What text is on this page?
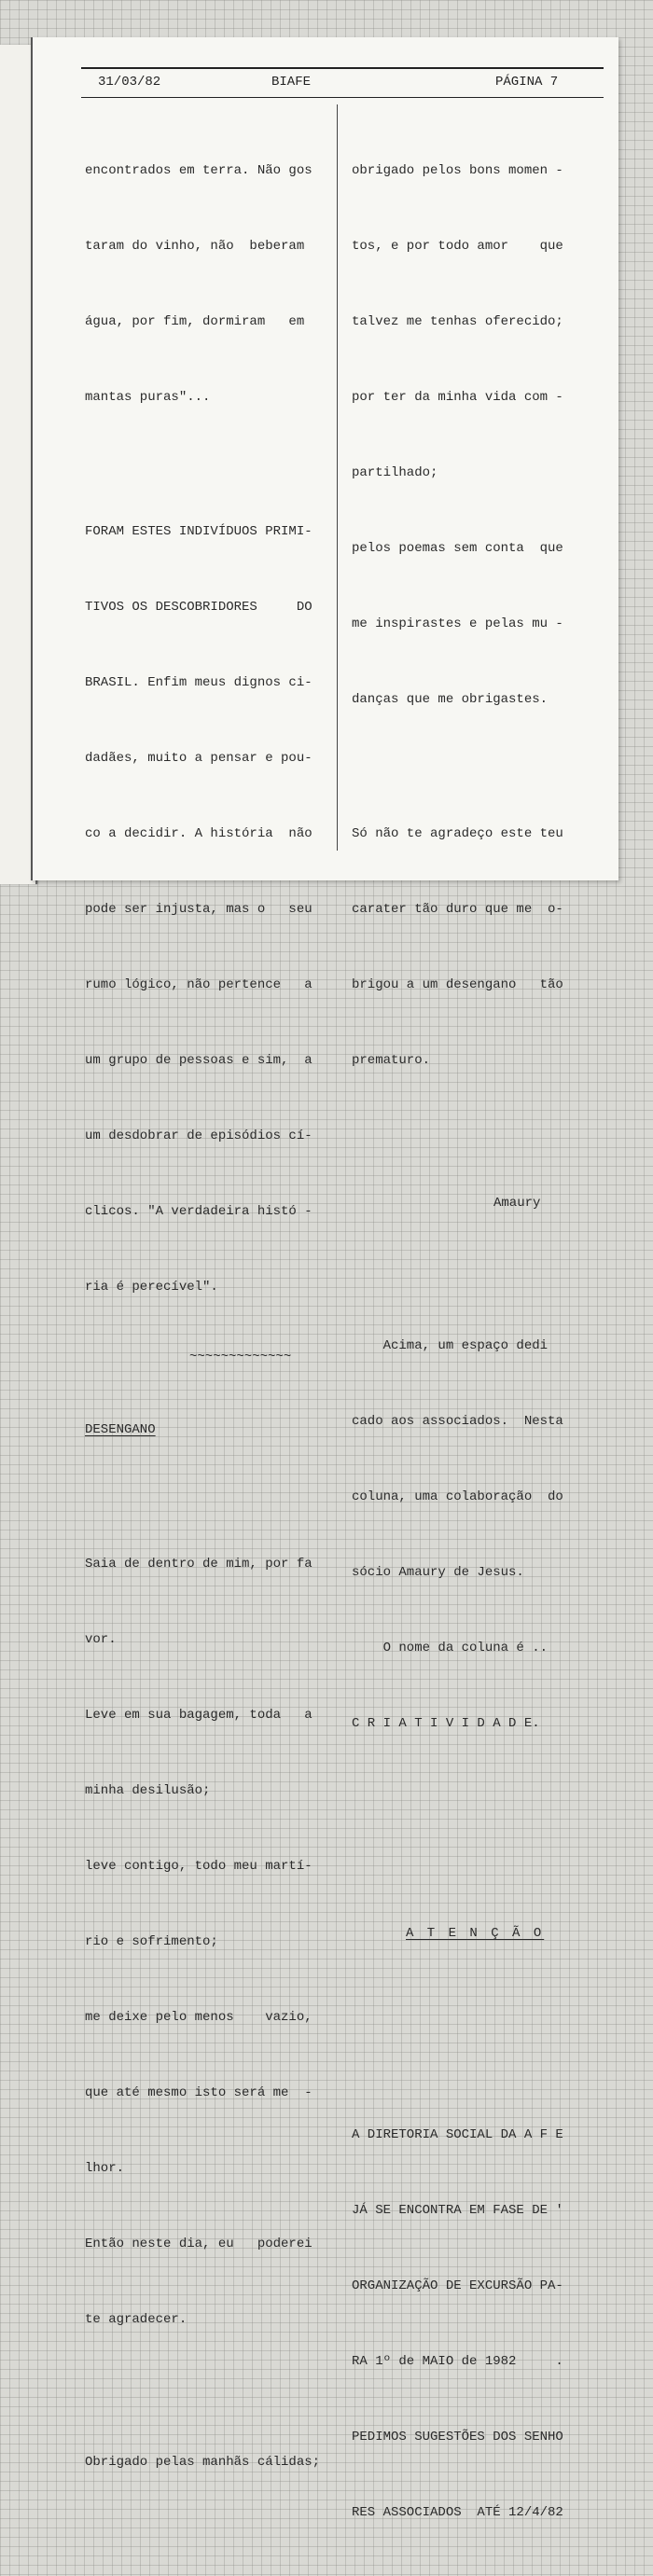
31/03/82	BIAFE	PÁGINA 7

encontrados em terra. Não gos

taram do vinho, não  beberam

água, por fim, dormiram   em

mantas puras"...

FORAM ESTES INDIVÍDUOS PRIMI-

TIVOS OS DESCOBRIDORES     DO

BRASIL. Enfim meus dignos ci-

dadães, muito a pensar e pou-

co a decidir. A história  não

pode ser injusta, mas o   seu

rumo lógico, não pertence   a

um grupo de pessoas e sim,  a

um desdobrar de episódios cí-

clicos. "A verdadeira histó -

ria é perecível".

~~~~~~~~~~~~~

DESENGANO

Saia de dentro de mim, por fa

vor.

Leve em sua bagagem, toda   a

minha desilusão;

leve contigo, todo meu martí-

rio e sofrimento;

me deixe pelo menos    vazio,

que até mesmo isto será me  -

lhor.

Então neste dia, eu   poderei

te agradecer.

Obrigado pelas manhãs cálidas;

obrigado pelos bons momen -

tos, e por todo amor    que

talvez me tenhas oferecido;

por ter da minha vida com -

partilhado;

pelos poemas sem conta  que

me inspirastes e pelas mu -

danças que me obrigastes.

Só não te agradeço este teu

carater tão duro que me  o-

brigou a um desengano   tão

prematuro.

Amaury

Acima, um espaço dedi

cado aos associados.  Nesta

coluna, uma colaboração  do

sócio Amaury de Jesus.

O nome da coluna é ..

C R I A T I V I D A D E.

A T E N Ç Ã O

A DIRETORIA SOCIAL DA A F E

JÁ SE ENCONTRA EM FASE DE '

ORGANIZAÇÃO DE EXCURSÃO PA-

RA 1º de MAIO de 1982     .

PEDIMOS SUGESTÕES DOS SENHO

RES ASSOCIADOS  ATÉ 12/4/82
